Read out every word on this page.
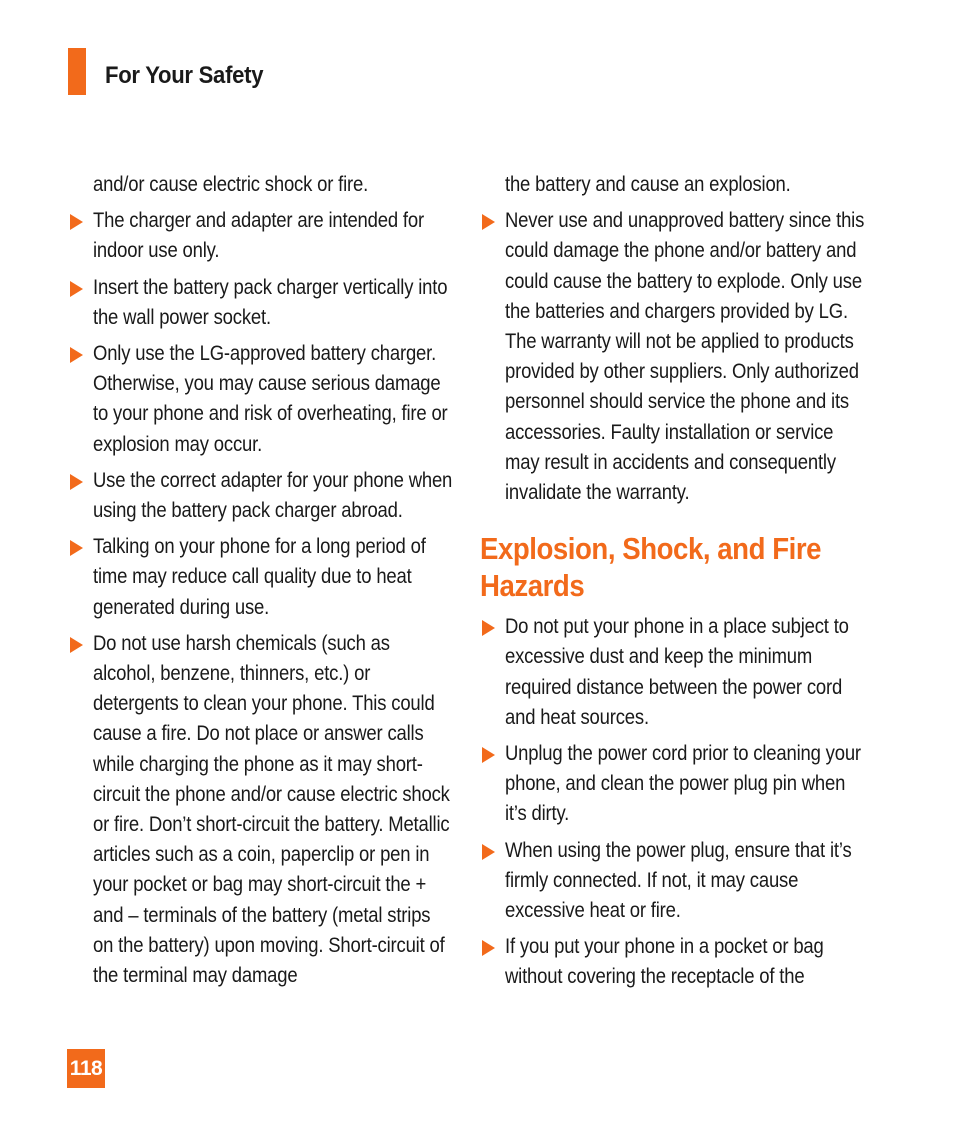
For Your Safety

and/or cause electric shock or fire.

The charger and adapter are intended for indoor use only.
Insert the battery pack charger vertically into the wall power socket.
Only use the LG-approved battery charger. Otherwise, you may cause serious damage to your phone and risk of overheating, fire or explosion may occur.
Use the correct adapter for your phone when using the battery pack charger abroad.
Talking on your phone for a long period of time may reduce call quality due to heat generated during use.
Do not use harsh chemicals (such as alcohol, benzene, thinners, etc.) or detergents to clean your phone. This could cause a fire. Do not place or answer calls while charging the phone as it may short-circuit the phone and/or cause electric shock or fire. Don’t short-circuit the battery. Metallic articles such as a coin, paperclip or pen in your pocket or bag may short-circuit the + and – terminals of the battery (metal strips on the battery) upon moving. Short-circuit of the terminal may damage

the battery and cause an explosion.

Never use and unapproved battery since this could damage the phone and/or battery and could cause the battery to explode. Only use the batteries and chargers provided by LG. The warranty will not be applied to products provided by other suppliers. Only authorized personnel should service the phone and its accessories. Faulty installation or service may result in accidents and consequently invalidate the warranty.
Explosion, Shock, and Fire Hazards
Do not put your phone in a place subject to excessive dust and keep the minimum required distance between the power cord and heat sources.
Unplug the power cord prior to cleaning your phone, and clean the power plug pin when it’s dirty.
When using the power plug, ensure that it’s firmly connected. If not, it may cause excessive heat or fire.
If you put your phone in a pocket or bag without covering the receptacle of the
118
